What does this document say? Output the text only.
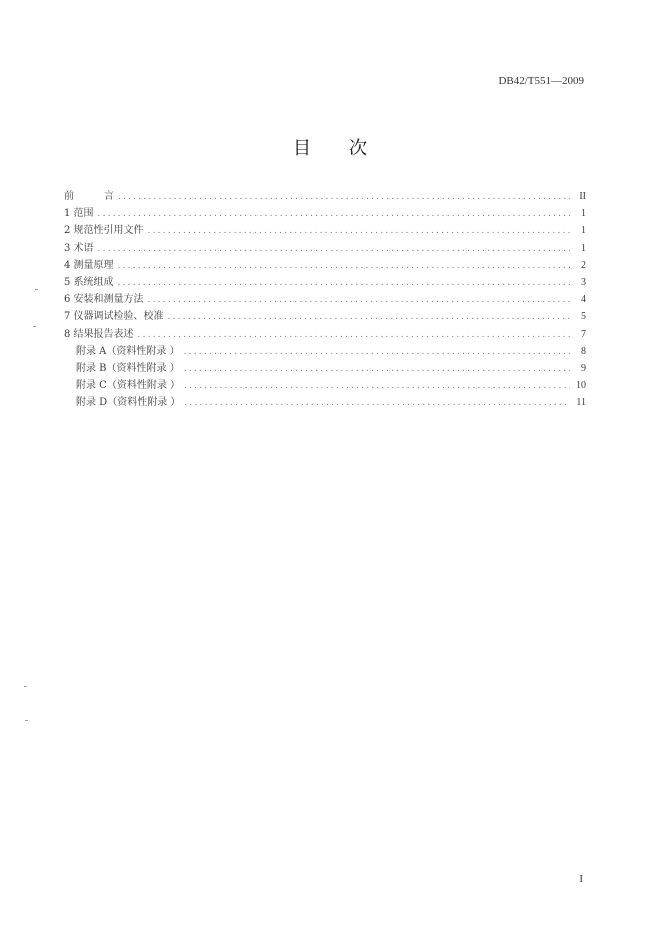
DB42/T551—2009
目 次
前	言 .....	II
1 范围 .....	1
2 规范性引用文件 .....	1
3 术语 .....	1
4 测量原理 .....	2
5 系统组成 .....	3
6 安装和测量方法 .....	4
7 仪器调试检验、校准 .....	5
8 结果报告表述 .....	7
附录 A（资料性附录 ） .....	8
附录 B（资料性附录 ） .....	9
附录 C（资料性附录 ） .....	10
附录 D（资料性附录 ） .....	11
I
